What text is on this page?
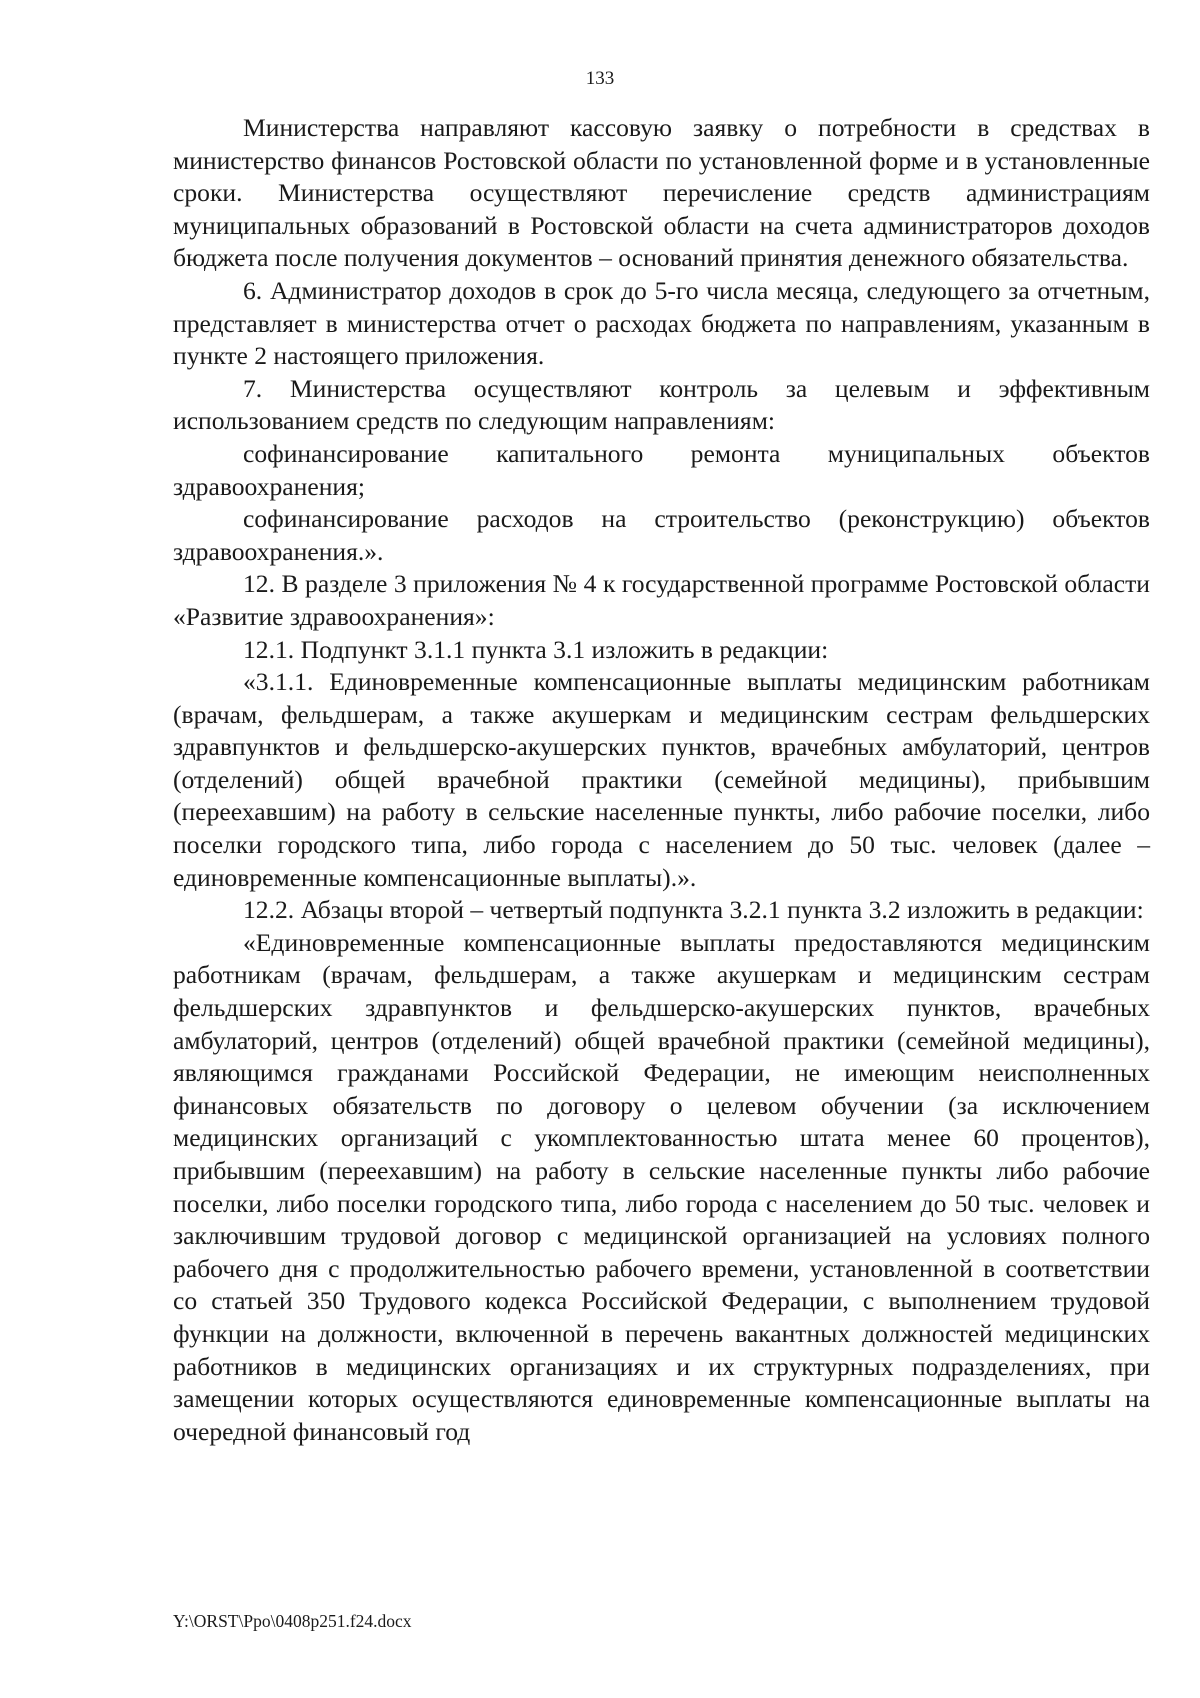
133

Министерства направляют кассовую заявку о потребности в средствах в министерство финансов Ростовской области по установленной форме и в установленные сроки. Министерства осуществляют перечисление средств администрациям муниципальных образований в Ростовской области на счета администраторов доходов бюджета после получения документов – оснований принятия денежного обязательства.

6. Администратор доходов в срок до 5-го числа месяца, следующего за отчетным, представляет в министерства отчет о расходах бюджета по направлениям, указанным в пункте 2 настоящего приложения.

7. Министерства осуществляют контроль за целевым и эффективным использованием средств по следующим направлениям:

софинансирование капитального ремонта муниципальных объектов здравоохранения;

софинансирование расходов на строительство (реконструкцию) объектов здравоохранения.».

12. В разделе 3 приложения № 4 к государственной программе Ростовской области «Развитие здравоохранения»:

12.1. Подпункт 3.1.1 пункта 3.1 изложить в редакции:

«3.1.1. Единовременные компенсационные выплаты медицинским работникам (врачам, фельдшерам, а также акушеркам и медицинским сестрам фельдшерских здравпунктов и фельдшерско-акушерских пунктов, врачебных амбулаторий, центров (отделений) общей врачебной практики (семейной медицины), прибывшим (переехавшим) на работу в сельские населенные пункты, либо рабочие поселки, либо поселки городского типа, либо города с населением до 50 тыс. человек (далее – единовременные компенсационные выплаты).».

12.2. Абзацы второй – четвертый подпункта 3.2.1 пункта 3.2 изложить в редакции:

«Единовременные компенсационные выплаты предоставляются медицинским работникам (врачам, фельдшерам, а также акушеркам и медицинским сестрам фельдшерских здравпунктов и фельдшерско-акушерских пунктов, врачебных амбулаторий, центров (отделений) общей врачебной практики (семейной медицины), являющимся гражданами Российской Федерации, не имеющим неисполненных финансовых обязательств по договору о целевом обучении (за исключением медицинских организаций с укомплектованностью штата менее 60 процентов), прибывшим (переехавшим) на работу в сельские населенные пункты либо рабочие поселки, либо поселки городского типа, либо города с населением до 50 тыс. человек и заключившим трудовой договор с медицинской организацией на условиях полного рабочего дня с продолжительностью рабочего времени, установленной в соответствии со статьей 350 Трудового кодекса Российской Федерации, с выполнением трудовой функции на должности, включенной в перечень вакантных должностей медицинских работников в медицинских организациях и их структурных подразделениях, при замещении которых осуществляются единовременные компенсационные выплаты на очередной финансовый год

Y:\ORST\Ppo\0408p251.f24.docx
